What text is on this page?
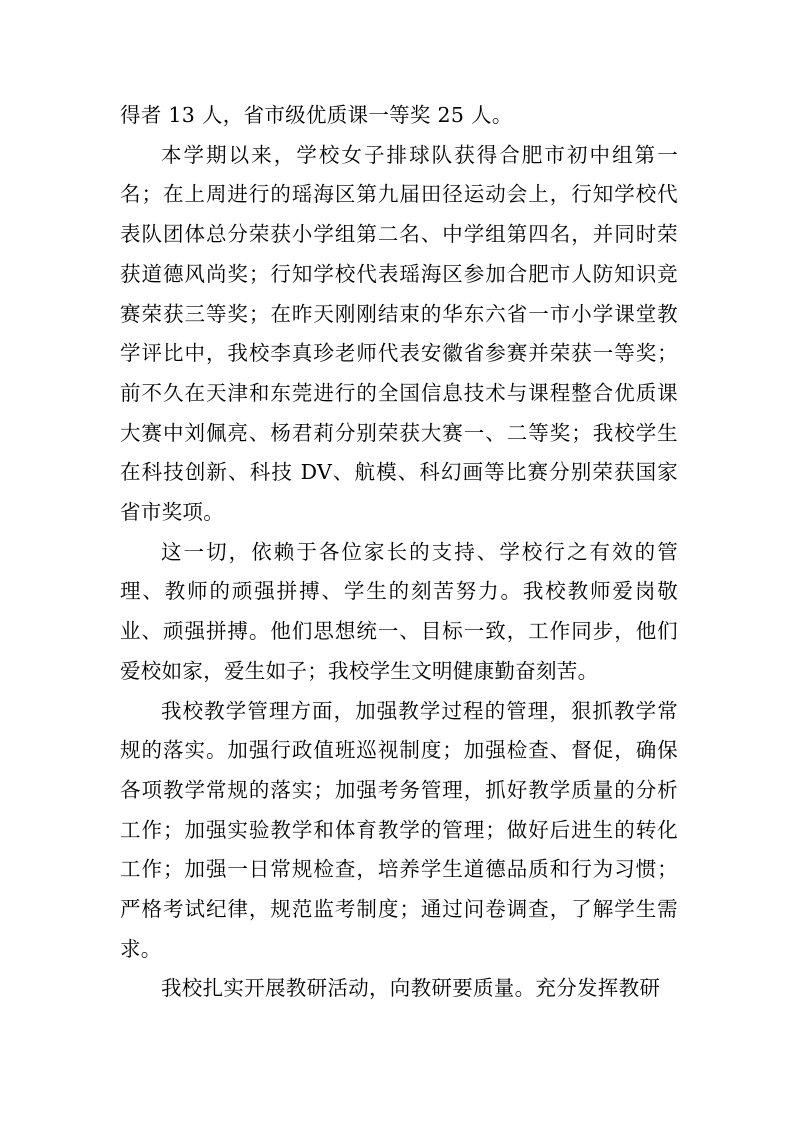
得者 13 人，省市级优质课一等奖 25 人。

本学期以来，学校女子排球队获得合肥市初中组第一名；在上周进行的瑶海区第九届田径运动会上，行知学校代表队团体总分荣获小学组第二名、中学组第四名，并同时荣获道德风尚奖；行知学校代表瑶海区参加合肥市人防知识竞赛荣获三等奖；在昨天刚刚结束的华东六省一市小学课堂教学评比中，我校李真珍老师代表安徽省参赛并荣获一等奖；前不久在天津和东莞进行的全国信息技术与课程整合优质课大赛中刘佩亮、杨君莉分别荣获大赛一、二等奖；我校学生在科技创新、科技 DV、航模、科幻画等比赛分别荣获国家省市奖项。

这一切，依赖于各位家长的支持、学校行之有效的管理、教师的顽强拼搏、学生的刻苦努力。我校教师爱岗敬业、顽强拼搏。他们思想统一、目标一致，工作同步，他们爱校如家，爱生如子；我校学生文明健康勤奋刻苦。

我校教学管理方面，加强教学过程的管理，狠抓教学常规的落实。加强行政值班巡视制度；加强检查、督促，确保各项教学常规的落实；加强考务管理，抓好教学质量的分析工作；加强实验教学和体育教学的管理；做好后进生的转化工作；加强一日常规检查，培养学生道德品质和行为习惯；严格考试纪律，规范监考制度；通过问卷调查，了解学生需求。

我校扎实开展教研活动，向教研要质量。充分发挥教研
